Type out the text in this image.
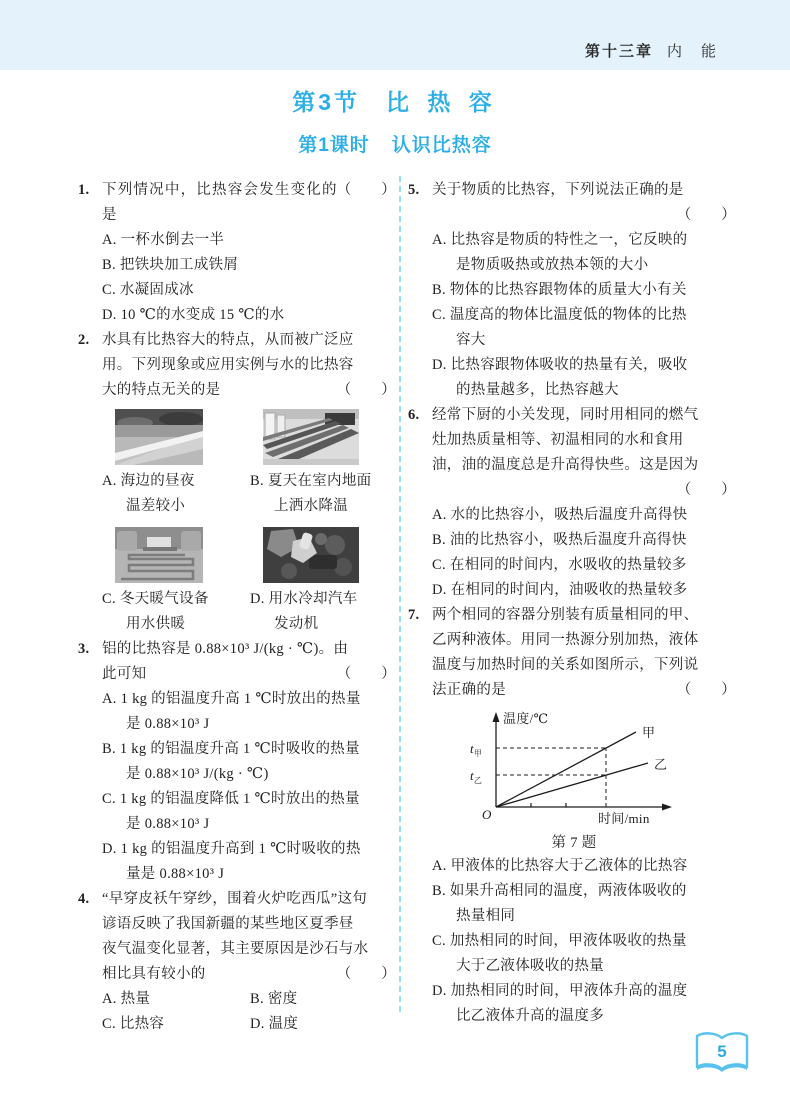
第十三章 内　能
第3节 比 热 容
第1课时 认识比热容
1. 下列情况中，比热容会发生变化的是
（　　）
A. 一杯水倒去一半
B. 把铁块加工成铁屑
C. 水凝固成冰
D. 10 ℃的水变成 15 ℃的水
2. 水具有比热容大的特点，从而被广泛应
用。下列现象或应用实例与水的比热容
大的特点无关的是	（　　）
A. 海边的昼夜
温差较小
B. 夏天在室内地面
上洒水降温
C. 冬天暖气设备
用水供暖
D. 用水冷却汽车
发动机
3. 铝的比热容是 0.88×10³ J/(kg · ℃)。由
此可知	（　　）
A. 1 kg 的铝温度升高 1 ℃时放出的热量
是 0.88×10³ J
B. 1 kg 的铝温度升高 1 ℃时吸收的热量
是 0.88×10³ J/(kg · ℃)
C. 1 kg 的铝温度降低 1 ℃时放出的热量
是 0.88×10³ J
D. 1 kg 的铝温度升高到 1 ℃时吸收的热
量是 0.88×10³ J
4. “早穿皮袄午穿纱，围着火炉吃西瓜”这句
谚语反映了我国新疆的某些地区夏季昼
夜气温变化显著，其主要原因是沙石与水
相比具有较小的	（　　）
A. 热量	B. 密度
C. 比热容	D. 温度
5. 关于物质的比热容，下列说法正确的是
（　　）
A. 比热容是物质的特性之一，它反映的
是物质吸热或放热本领的大小
B. 物体的比热容跟物体的质量大小有关
C. 温度高的物体比温度低的物体的比热
容大
D. 比热容跟物体吸收的热量有关，吸收
的热量越多，比热容越大
6. 经常下厨的小关发现，同时用相同的燃气
灶加热质量相等、初温相同的水和食用
油，油的温度总是升高得快些。这是因为
（　　）
A. 水的比热容小，吸热后温度升高得快
B. 油的比热容小，吸热后温度升高得快
C. 在相同的时间内，水吸收的热量较多
D. 在相同的时间内，油吸收的热量较多
7. 两个相同的容器分别装有质量相同的甲、
乙两种液体。用同一热源分别加热，液体
温度与加热时间的关系如图所示，下列说
法正确的是	（　　）
温度/℃
时间/min
O
$t_甲$
$t_乙$
甲
乙
第 7 题
A. 甲液体的比热容大于乙液体的比热容
B. 如果升高相同的温度，两液体吸收的
热量相同
C. 加热相同的时间，甲液体吸收的热量
大于乙液体吸收的热量
D. 加热相同的时间，甲液体升高的温度
比乙液体升高的温度多
5
